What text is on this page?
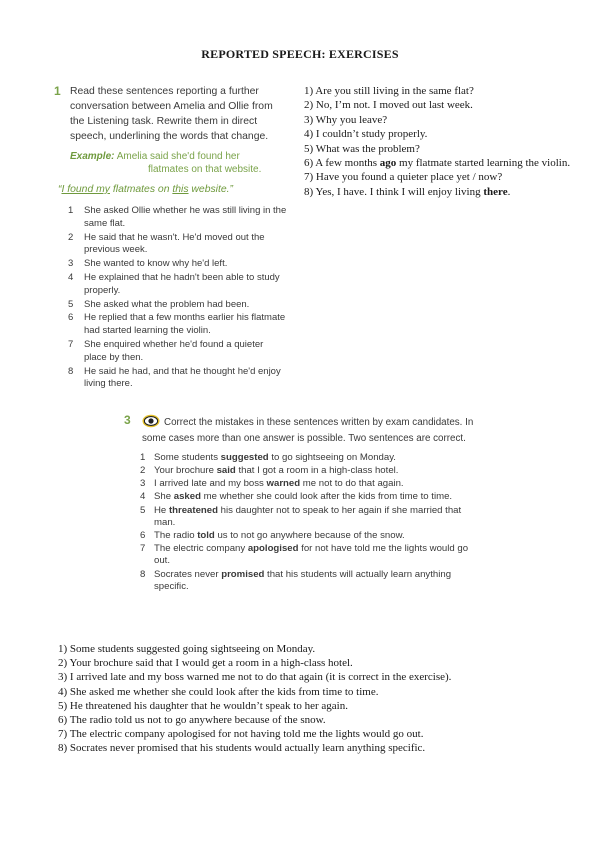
REPORTED SPEECH: EXERCISES
1 Read these sentences reporting a further conversation between Amelia and Ollie from the Listening task. Rewrite them in direct speech, underlining the words that change.
Example: Amelia said she'd found her
flatmates on that website.
“I found my flatmates on this website.”
1	She asked Ollie whether he was still living in the same flat.
2	He said that he wasn't. He'd moved out the previous week.
3	She wanted to know why he'd left.
4	He explained that he hadn't been able to study properly.
5	She asked what the problem had been.
6	He replied that a few months earlier his flatmate had started learning the violin.
7	She enquired whether he'd found a quieter place by then.
8	He said he had, and that he thought he'd enjoy living there.
1) Are you still living in the same flat?
2) No, I’m not. I moved out last week.
3) Why you leave?
4) I couldn’t study properly.
5) What was the problem?
6) A few months ago my flatmate started learning the violin.
7) Have you found a quieter place yet / now?
8) Yes, I have. I think I will enjoy living there.
3	Correct the mistakes in these sentences written by exam candidates. In some cases more than one answer is possible. Two sentences are correct.
1 Some students suggested to go sightseeing on Monday.
2 Your brochure said that I got a room in a high-class hotel.
3 I arrived late and my boss warned me not to do that again.
4 She asked me whether she could look after the kids from time to time.
5 He threatened his daughter not to speak to her again if she married that man.
6 The radio told us to not go anywhere because of the snow.
7 The electric company apologised for not have told me the lights would go out.
8 Socrates never promised that his students will actually learn anything specific.
1) Some students suggested going sightseeing on Monday.
2) Your brochure said that I would get a room in a high-class hotel.
3) I arrived late and my boss warned me not to do that again (it is correct in the exercise).
4) She asked me whether she could look after the kids from time to time.
5) He threatened his daughter that he wouldn’t speak to her again.
6) The radio told us not to go anywhere because of the snow.
7) The electric company apologised for not having told me the lights would go out.
8) Socrates never promised that his students would actually learn anything specific.
